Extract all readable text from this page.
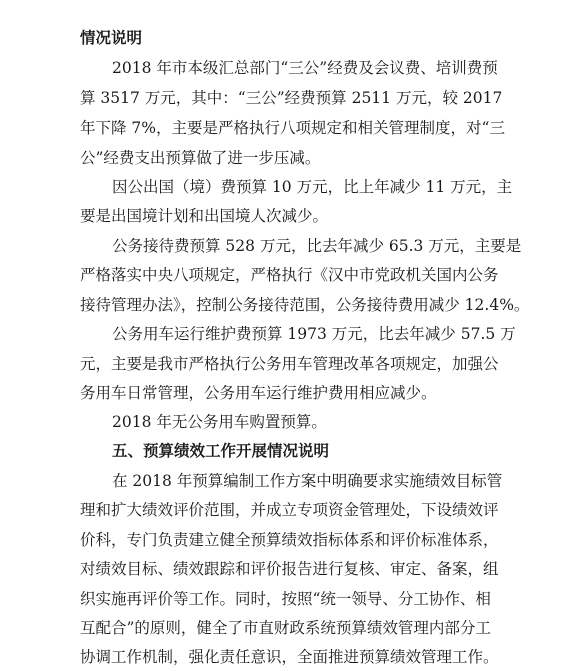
情况说明
2018 年市本级汇总部门“三公”经费及会议费、培训费预
算 3517 万元，其中：“三公”经费预算 2511 万元，较 2017
年下降 7%，主要是严格执行八项规定和相关管理制度，对“三
公”经费支出预算做了进一步压减。
因公出国（境）费预算 10 万元，比上年减少 11 万元，主
要是出国境计划和出国境人次减少。
公务接待费预算 528 万元，比去年减少 65.3 万元，主要是
严格落实中央八项规定，严格执行《汉中市党政机关国内公务
接待管理办法》，控制公务接待范围，公务接待费用减少 12.4%。
公务用车运行维护费预算 1973 万元，比去年减少 57.5 万
元，主要是我市严格执行公务用车管理改革各项规定，加强公
务用车日常管理，公务用车运行维护费用相应减少。
2018 年无公务用车购置预算。
五、预算绩效工作开展情况说明
在 2018 年预算编制工作方案中明确要求实施绩效目标管
理和扩大绩效评价范围，并成立专项资金管理处，下设绩效评
价科，专门负责建立健全预算绩效指标体系和评价标准体系，
对绩效目标、绩效跟踪和评价报告进行复核、审定、备案，组
织实施再评价等工作。同时，按照“统一领导、分工协作、相
互配合”的原则，健全了市直财政系统预算绩效管理内部分工
协调工作机制，强化责任意识，全面推进预算绩效管理工作。
